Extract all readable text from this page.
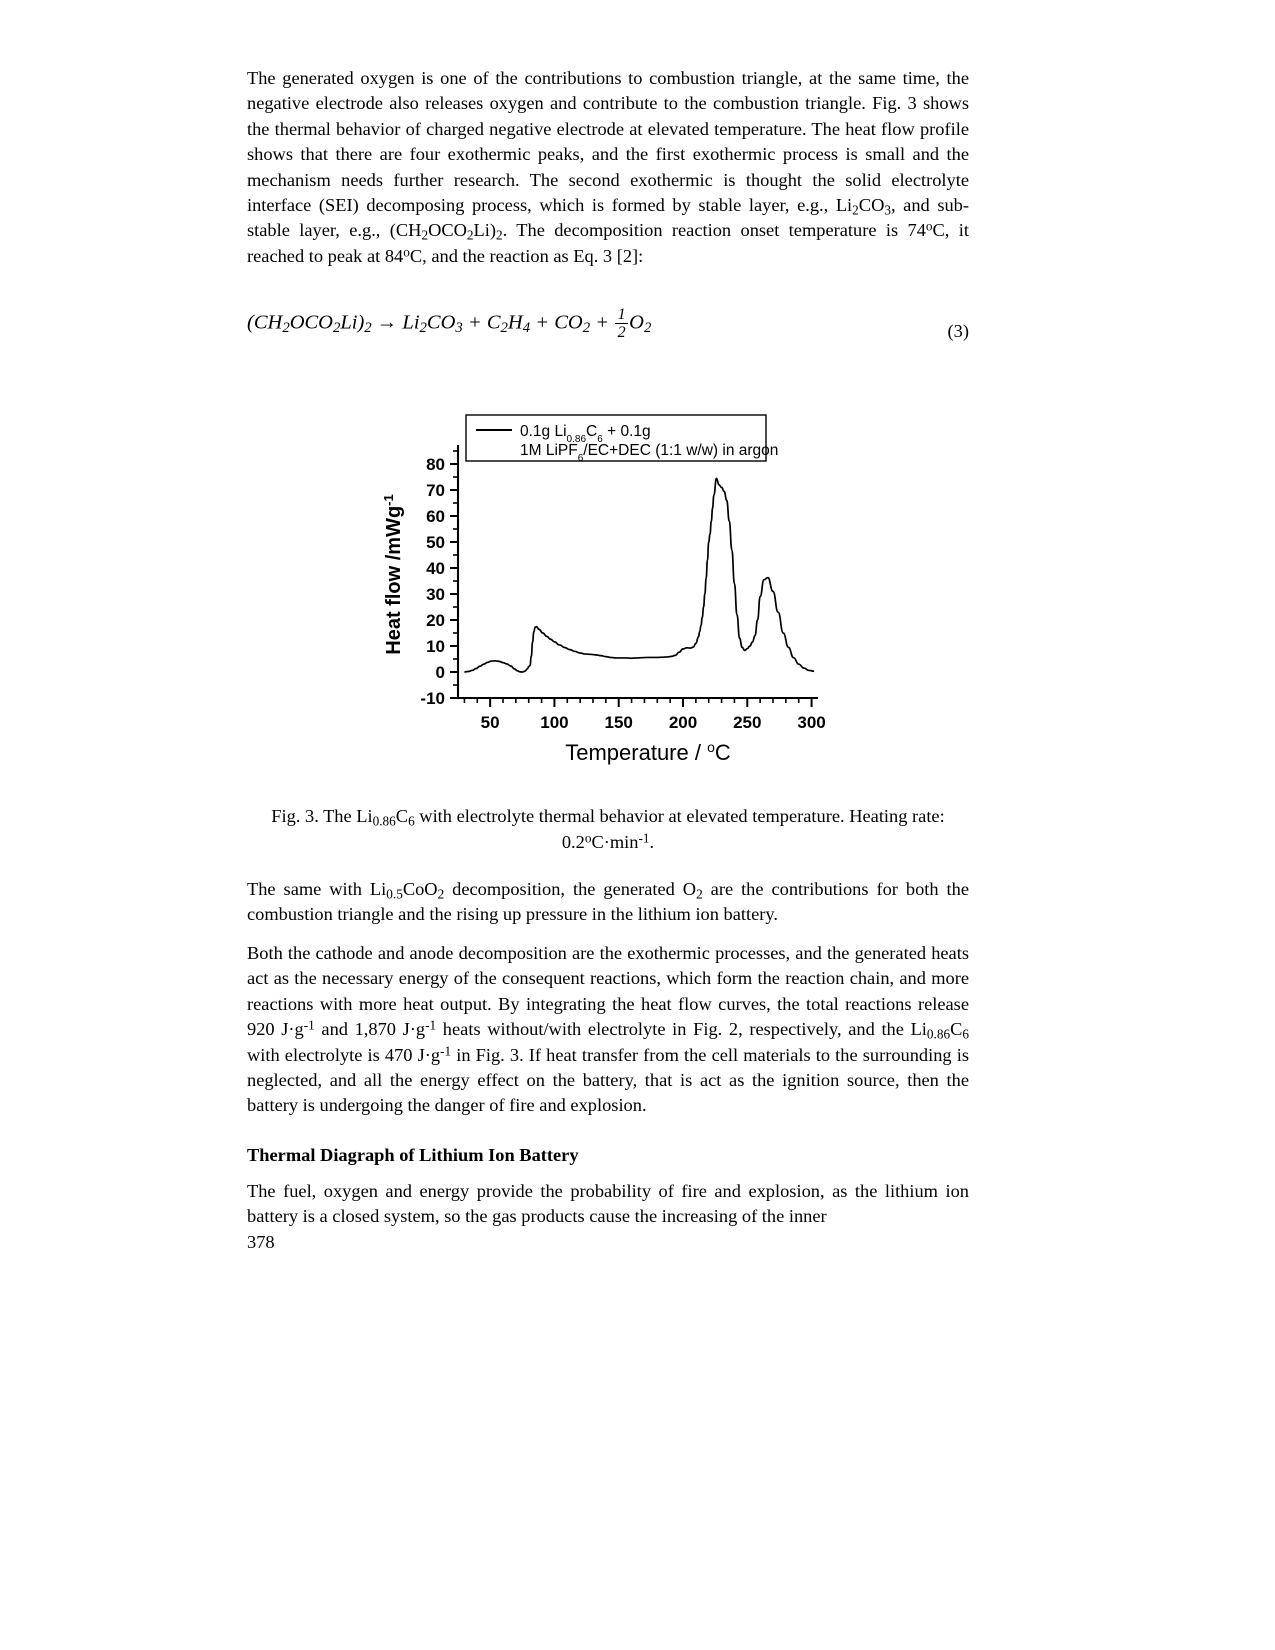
The generated oxygen is one of the contributions to combustion triangle, at the same time, the negative electrode also releases oxygen and contribute to the combustion triangle. Fig. 3 shows the thermal behavior of charged negative electrode at elevated temperature. The heat flow profile shows that there are four exothermic peaks, and the first exothermic process is small and the mechanism needs further research. The second exothermic is thought the solid electrolyte interface (SEI) decomposing process, which is formed by stable layer, e.g., $Li_2CO_3$, and sub-stable layer, e.g., $(CH_2OCO_2Li)_2$. The decomposition reaction onset temperature is 74$^o$C, it reached to peak at 84$^o$C, and the reaction as Eq. 3 [2]:

$(CH_2OCO_2Li)_2 \to Li_2CO_3 + C_2H_4 + CO_2 + \frac{1}{2} O_2$	(3)
-10
0
10
20
30
40
50
60
70
80
50 100 150 200 250 300
Heat flow /mWg$^{-1}$
Temperature / $^o$C
0.1g $Li_{0.86}C_6 + 0.1g$
1M LiPF$_6$/EC+DEC (1:1 w/w) in argon
Fig. 3. The $Li_{0.86}C_6$ with electrolyte thermal behavior at elevated temperature. Heating rate: $0.2^oC\cdot\min^{-1}$.

The same with $Li_{0.5}CoO_2$ decomposition, the generated $O_2$ are the contributions for both the combustion triangle and the rising up pressure in the lithium ion battery.

Both the cathode and anode decomposition are the exothermic processes, and the generated heats act as the necessary energy of the consequent reactions, which form the reaction chain, and more reactions with more heat output. By integrating the heat flow curves, the total reactions release 920 $J\cdot g^{-1}$ and 1,870 $J\cdot g^{-1}$ heats without/with electrolyte in Fig. 2, respectively, and the $Li_{0.86}C_6$ with electrolyte is 470 $J\cdot g^{-1}$ in Fig. 3. If heat transfer from the cell materials to the surrounding is neglected, and all the energy effect on the battery, that is act as the ignition source, then the battery is undergoing the danger of fire and explosion.

Thermal Diagraph of Lithium Ion Battery

The fuel, oxygen and energy provide the probability of fire and explosion, as the lithium ion battery is a closed system, so the gas products cause the increasing of the inner

378
